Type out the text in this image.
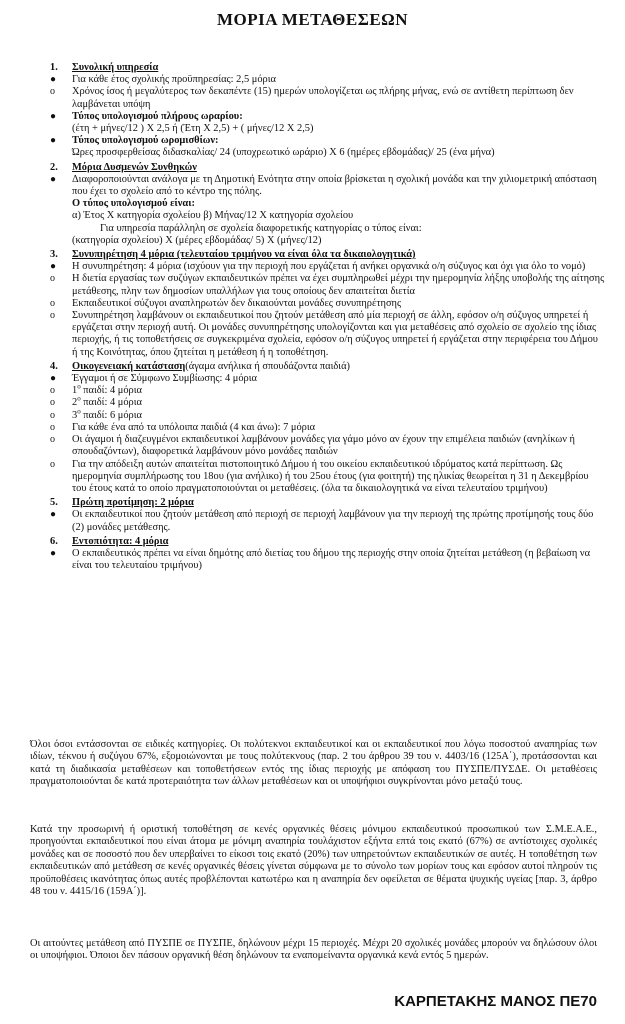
ΜΟΡΙΑ ΜΕΤΑΘΕΣΕΩΝ
1.	Συνολική υπηρεσία
●	Για κάθε έτος σχολικής προϋπηρεσίας: 2,5 μόρια
o	Χρόνος ίσος ή μεγαλύτερος των δεκαπέντε (15) ημερών υπολογίζεται ως πλήρης μήνας, ενώ σε αντίθετη περίπτωση δεν λαμβάνεται υπόψη
●	Τύπος υπολογισμού πλήρους ωραρίου:
(έτη + μήνες/12 ) Χ 2,5 ή (Έτη Χ 2,5) + ( μήνες/12 Χ 2,5)
●	Τύπος υπολογισμού ωρομισθίων:
Ώρες προσφερθείσας διδασκαλίας/ 24 (υποχρεωτικό ωράριο) Χ 6 (ημέρες εβδομάδας)/ 25 (ένα μήνα)
2.	Μόρια Δυσμενών Συνθηκών
●	Διαφοροποιούνται ανάλογα με τη Δημοτική Ενότητα στην οποία βρίσκεται η σχολική μονάδα και την χιλιομετρική απόσταση που έχει το σχολείο από το κέντρο της πόλης.
Ο τύπος υπολογισμού είναι:
α) Έτος Χ κατηγορία σχολείου β) Μήνας/12 Χ κατηγορία σχολείου
Για υπηρεσία παράλληλη σε σχολεία διαφορετικής κατηγορίας ο τύπος είναι:
(κατηγορία σχολείου) Χ (μέρες εβδομάδας/ 5) Χ (μήνες/12)
3.	Συνυπηρέτηση 4 μόρια (τελευταίου τριμήνου να είναι όλα τα δικαιολογητικά)
●	Η συνυπηρέτηση: 4 μόρια (ισχύουν για την περιοχή που εργάζεται ή ανήκει οργανικά ο/η σύζυγος και όχι για όλο το νομό)
o	Η διετία εργασίας των συζύγων εκπαιδευτικών πρέπει να έχει συμπληρωθεί μέχρι την ημερομηνία λήξης υποβολής της αίτησης μετάθεσης, πλην των δημοσίων υπαλλήλων για τους οποίους δεν απαιτείται διετία
o	Εκπαιδευτικοί σύζυγοι αναπληρωτών δεν δικαιούνται μονάδες συνυπηρέτησης
o	Συνυπηρέτηση λαμβάνουν οι εκπαιδευτικοί που ζητούν μετάθεση από μία περιοχή σε άλλη, εφόσον ο/η σύζυγος υπηρετεί ή εργάζεται στην περιοχή αυτή. Οι μονάδες συνυπηρέτησης υπολογίζονται και για μεταθέσεις από σχολείο σε σχολείο της ίδιας περιοχής, ή τις τοποθετήσεις σε συγκεκριμένα σχολεία, εφόσον ο/η σύζυγος υπηρετεί ή εργάζεται στην περιφέρεια του Δήμου ή της Κοινότητας, όπου ζητείται η μετάθεση ή η τοποθέτηση.
4.	Οικογενειακή κατάσταση (άγαμα ανήλικα ή σπουδάζοντα παιδιά)
●	Έγγαμοι ή σε Σύμφωνο Συμβίωσης: 4 μόρια
o	$1^o$ παιδί: 4 μόρια
o	$2^o$ παιδί: 4 μόρια
o	$3^o$ παιδί: 6 μόρια
o	Για κάθε ένα από τα υπόλοιπα παιδιά (4 και άνω): 7 μόρια
o	Οι άγαμοι ή διαζευγμένοι εκπαιδευτικοί λαμβάνουν μονάδες για γάμο μόνο αν έχουν την επιμέλεια παιδιών (ανηλίκων ή σπουδαζόντων), διαφορετικά λαμβάνουν μόνο μονάδες παιδιών
o	Για την απόδειξη αυτών απαιτείται πιστοποιητικό Δήμου ή του οικείου εκπαιδευτικού ιδρύματος κατά περίπτωση. Ως ημερομηνία συμπλήρωσης του 18ου (για ανήλικο) ή του 25ου έτους (για φοιτητή) της ηλικίας θεωρείται η 31 η Δεκεμβρίου του έτους κατά το οποίο πραγματοποιούνται οι μεταθέσεις. (όλα τα δικαιολογητικά να είναι τελευταίου τριμήνου)
5.	Πρώτη προτίμηση: 2 μόρια
●	Οι εκπαιδευτικοί που ζητούν μετάθεση από περιοχή σε περιοχή λαμβάνουν για την περιοχή της πρώτης προτίμησής τους δύο (2) μονάδες μετάθεσης.
6.	Εντοπιότητα: 4 μόρια
●	Ο εκπαιδευτικός πρέπει να είναι δημότης από διετίας του δήμου της περιοχής στην οποία ζητείται μετάθεση (η βεβαίωση να είναι του τελευταίου τριμήνου)
Όλοι όσοι εντάσσονται σε ειδικές κατηγορίες. Οι πολύτεκνοι εκπαιδευτικοί και οι εκπαιδευτικοί που λόγω ποσοστού αναπηρίας των ιδίων, τέκνου ή συζύγου 67%, εξομοιώνονται με τους πολύτεκνους (παρ. 2 του άρθρου 39 του ν. 4403/16 (125Α΄), προτάσσονται και κατά τη διαδικασία μεταθέσεων και τοποθετήσεων εντός της ίδιας περιοχής με απόφαση του ΠΥΣΠΕ/ΠΥΣΔΕ. Οι μεταθέσεις πραγματοποιούνται δε κατά προτεραιότητα των άλλων μεταθέσεων και οι υποψήφιοι συγκρίνονται μόνο μεταξύ τους.
Κατά την προσωρινή ή οριστική τοποθέτηση σε κενές οργανικές θέσεις μόνιμου εκπαιδευτικού προσωπικού των Σ.Μ.Ε.Α.Ε., προηγούνται εκπαιδευτικοί που είναι άτομα με μόνιμη αναπηρία τουλάχιστον εξήντα επτά τοις εκατό (67%) σε αντίστοιχες σχολικές μονάδες και σε ποσοστό που δεν υπερβαίνει το είκοσι τοις εκατό (20%) των υπηρετούντων εκπαιδευτικών σε αυτές. Η τοποθέτηση των εκπαιδευτικών από μετάθεση σε κενές οργανικές θέσεις γίνεται σύμφωνα με το σύνολο των μορίων τους και εφόσον αυτοί πληρούν τις προϋποθέσεις ικανότητας όπως αυτές προβλέπονται κατωτέρω και η αναπηρία δεν οφείλεται σε θέματα ψυχικής υγείας [παρ. 3, άρθρο 48 του ν. 4415/16 (159Α΄)].
Οι αιτούντες μετάθεση από ΠΥΣΠΕ σε ΠΥΣΠΕ, δηλώνουν μέχρι 15 περιοχές. Μέχρι 20 σχολικές μονάδες μπορούν να δηλώσουν όλοι οι υποψήφιοι. Όποιοι δεν πάσουν οργανική θέση δηλώνουν τα εναπομείναντα οργανικά κενά εντός 5 ημερών.
ΚΑΡΠΕΤΑΚΗΣ ΜΑΝΟΣ ΠΕ70
